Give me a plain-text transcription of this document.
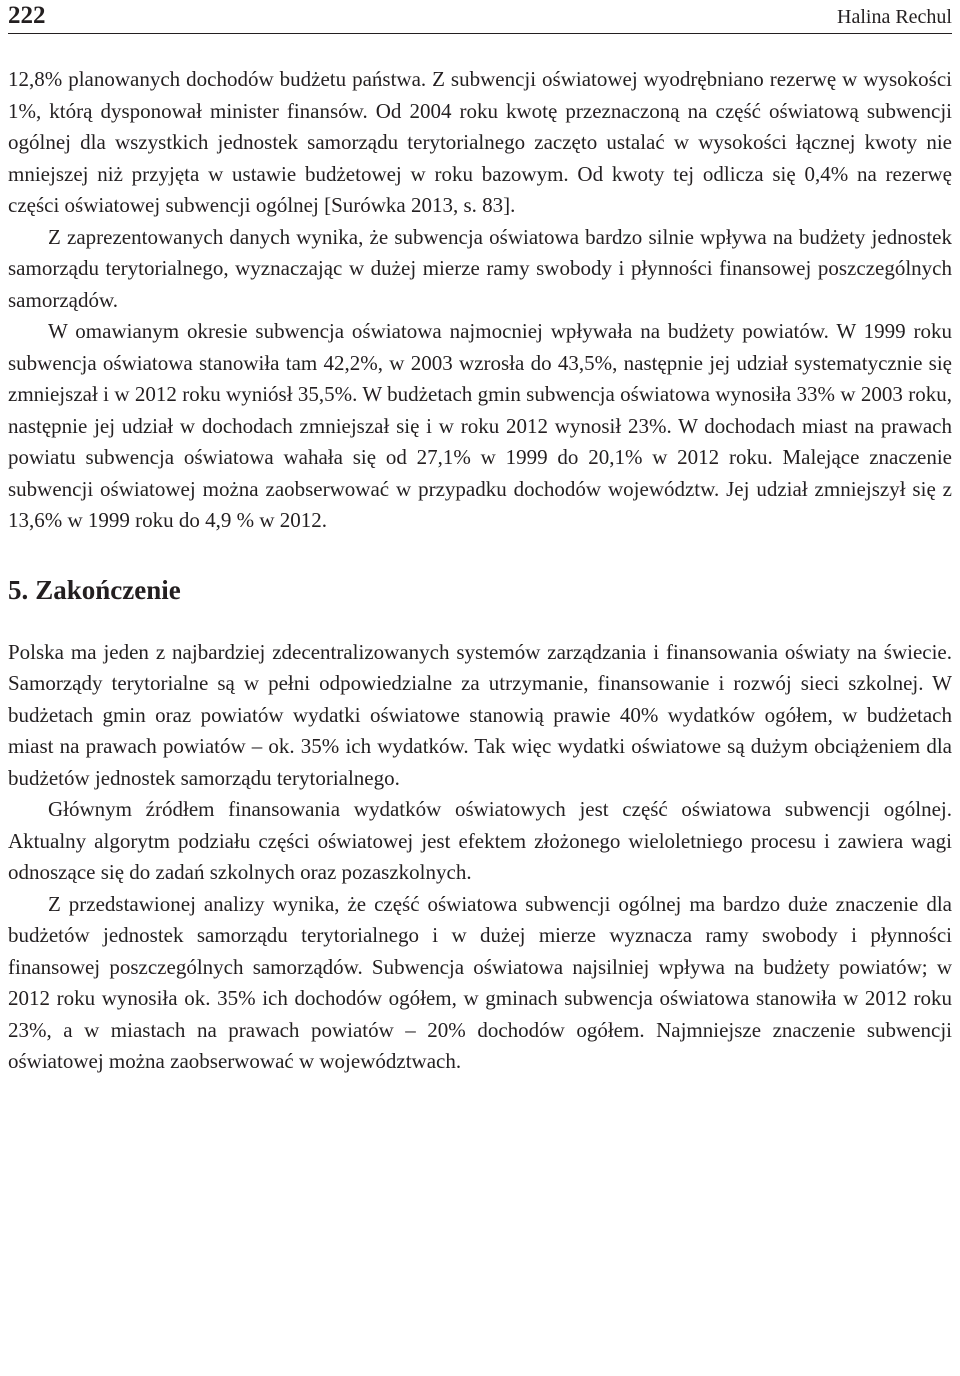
222	Halina Rechul

12,8% planowanych dochodów budżetu państwa. Z subwencji oświatowej wyodrębniano rezerwę w wysokości 1%, którą dysponował minister finansów. Od 2004 roku kwotę przeznaczoną na część oświatową subwencji ogólnej dla wszystkich jednostek samorządu terytorialnego zaczęto ustalać w wysokości łącznej kwoty nie mniejszej niż przyjęta w ustawie budżetowej w roku bazowym. Od kwoty tej odlicza się 0,4% na rezerwę części oświatowej subwencji ogólnej [Surówka 2013, s. 83].

Z zaprezentowanych danych wynika, że subwencja oświatowa bardzo silnie wpływa na budżety jednostek samorządu terytorialnego, wyznaczając w dużej mierze ramy swobody i płynności finansowej poszczególnych samorządów.

W omawianym okresie subwencja oświatowa najmocniej wpływała na budżety powiatów. W 1999 roku subwencja oświatowa stanowiła tam 42,2%, w 2003 wzrosła do 43,5%, następnie jej udział systematycznie się zmniejszał i w 2012 roku wyniósł 35,5%. W budżetach gmin subwencja oświatowa wynosiła 33% w 2003 roku, następnie jej udział w dochodach zmniejszał się i w roku 2012 wynosił 23%. W dochodach miast na prawach powiatu subwencja oświatowa wahała się od 27,1% w 1999 do 20,1% w 2012 roku. Malejące znaczenie subwencji oświatowej można zaobserwować w przypadku dochodów województw. Jej udział zmniejszył się z 13,6% w 1999 roku do 4,9 % w 2012.

5. Zakończenie

Polska ma jeden z najbardziej zdecentralizowanych systemów zarządzania i finansowania oświaty na świecie. Samorządy terytorialne są w pełni odpowiedzialne za utrzymanie, finansowanie i rozwój sieci szkolnej. W budżetach gmin oraz powiatów wydatki oświatowe stanowią prawie 40% wydatków ogółem, w budżetach miast na prawach powiatów – ok. 35% ich wydatków. Tak więc wydatki oświatowe są dużym obciążeniem dla budżetów jednostek samorządu terytorialnego.

Głównym źródłem finansowania wydatków oświatowych jest część oświatowa subwencji ogólnej. Aktualny algorytm podziału części oświatowej jest efektem złożonego wieloletniego procesu i zawiera wagi odnoszące się do zadań szkolnych oraz pozaszkolnych.

Z przedstawionej analizy wynika, że część oświatowa subwencji ogólnej ma bardzo duże znaczenie dla budżetów jednostek samorządu terytorialnego i w dużej mierze wyznacza ramy swobody i płynności finansowej poszczególnych samorządów. Subwencja oświatowa najsilniej wpływa na budżety powiatów; w 2012 roku wynosiła ok. 35% ich dochodów ogółem, w gminach subwencja oświatowa stanowiła w 2012 roku 23%, a w miastach na prawach powiatów – 20% dochodów ogółem. Najmniejsze znaczenie subwencji oświatowej można zaobserwować w województwach.
